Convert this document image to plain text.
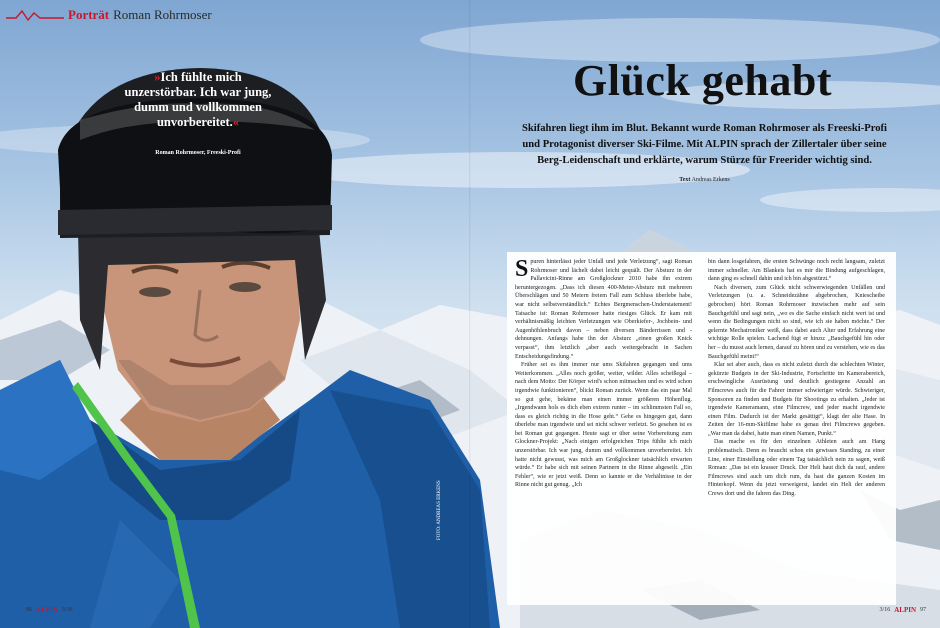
Porträt Roman Rohrmoser
»Ich fühlte mich unzerstörbar. Ich war jung, dumm und vollkommen unvorbereitet.«
Roman Rohrmoser, Freeski-Profi
Glück gehabt
Skifahren liegt ihm im Blut. Bekannt wurde Roman Rohrmoser als Freeski-Profi und Protagonist diverser Ski-Filme. Mit ALPIN sprach der Zillertaler über seine Berg-Leidenschaft und erklärte, warum Stürze für Freerider wichtig sind.
Text Andreas Erkens

Spuren hinterlässt jeder Unfall und jede Verletzung“, sagt Roman Rohrmoser und lächelt dabei leicht gequält. Der Absturz in der Pallavicini-Rinne am Großglockner 2010 habe ihn extrem heruntergezogen. „Dass ich diesen 400-Meter-Absturz mit mehreren Überschlägen und 50 Metern freiem Fall zum Schluss überlebe habe, war nicht selbstverständlich.“ Echtes Bergmenschen-Understatement! Tatsache ist: Roman Rohrmoser hatte riesiges Glück. Er kam mit verhältnismäßig leichten Verletzungen wie Oberkiefer-, Jochbein- und Augenhöhlenbruch davon – neben diversen Bänderrissen und -dehnungen. Anfangs habe ihn der Absturz „einen großen Knick verpasst“, ihm letztlich „aber auch weitergebracht in Sachen Entscheidungsfindung.“

Früher sei es ihm immer nur ums Skifahren gegangen und ums Weiterkommen. „Alles noch größer, weiter, wilder. Alles scheißegal – nach dem Motto: Der Körper wird's schon mitmachen und es wird schon irgendwie funktionieren“, blickt Roman zurück. Wenn das ein paar Mal so gut gehe, bekäme man einen immer größeren Höhenflug. „Irgendwann hols es dich eben extrem runter – im schlimmsten Fall so, dass es gleich richtig in die Hose geht.“ Gehe es hingegen gut, dann überlebe man irgendwie und sei nicht schwer verletzt. So gesehen ist es bei Roman gut gegangen. Heute sagt er über seine Vorbereitung zum Glockner-Projekt: „Nach einigen erfolgreichen Trips fühlte ich mich unzerstörbar. Ich war jung, dumm und vollkommen unvorbereitet. Ich hatte nicht gewusst, was mich am Großglockner tatsächlich erwarten würde.“ Er habe sich mit seinen Partnern in die Rinne abgeseilt. „Ein Fehler“, wie er jetzt weiß. Denn so kannte er die Verhältnisse in der Rinne nicht gut genug. „Ich

bin dann losgefahren, die ersten Schwünge noch recht langsam, zuletzt immer schneller. Am Blankeis hat es mir die Bindung aufgeschlagen, dann ging es schnell dahin und ich bin abgestürzt.“

Nach diversen, zum Glück nicht schwerwiegenden Unfällen und Verletzungen (u. a. Schneidezähne abgebrochen, Kniescheibe gebrochen) hört Roman Rohrmoser inzwischen mehr auf sein Bauchgefühl und sagt nein, „wo es die Sache einfach nicht wert ist und wenn die Bedingungen nicht so sind, wie ich sie haben möchte.“ Der gelernte Mechatroniker weiß, dass dabei auch Alter und Erfahrung eine wichtige Rolle spielen. Lachend fügt er hinzu: „Bauchgefühl hin oder her – du musst auch lernen, darauf zu hören und zu verstehen, wie es das Bauchgefühl meint!“

Klar sei aber auch, dass es nicht zuletzt durch die schlechten Winter, gekürzte Budgets in der Ski-Industrie, Fortschritte im Kamerabereich, erschwingliche Ausrüstung und deutlich gestiegene Anzahl an Filmcrews auch für die Fahrer immer schwieriger würde. Schwieriger, Sponsoren zu finden und Budgets für Shootings zu erhalten. „Jeder ist irgendwie Kameramann, eine Filmcrew, und jeder macht irgendwie einen Film. Dadurch ist der Markt gesättigt“, klagt der alte Hase. In Zeiten der 16-mm-Skifilme habe es genau drei Filmcrews gegeben. „War man da dabei, hatte man einen Namen, Punkt.“

Das mache es für den einzelnen Athleten auch am Hang problematisch. Denn es braucht schon ein gewisses Standing, zu einer Line, einer Einstellung oder einem Tag tatsächlich nein zu sagen, weiß Roman: „Das ist ein krasser Druck. Der Heli haut dich da rauf, andere Filmcrews sind auch um dich rum, du hast die ganzen Kosten im Hinterkopf. Wenn du jetzt verweigerst, landet ein Heli der anderen Crews dort und die fahren das Ding.

FOTO: ANDREAS ERKENS
96 ALPIN 3/16	3/16 ALPIN 97
